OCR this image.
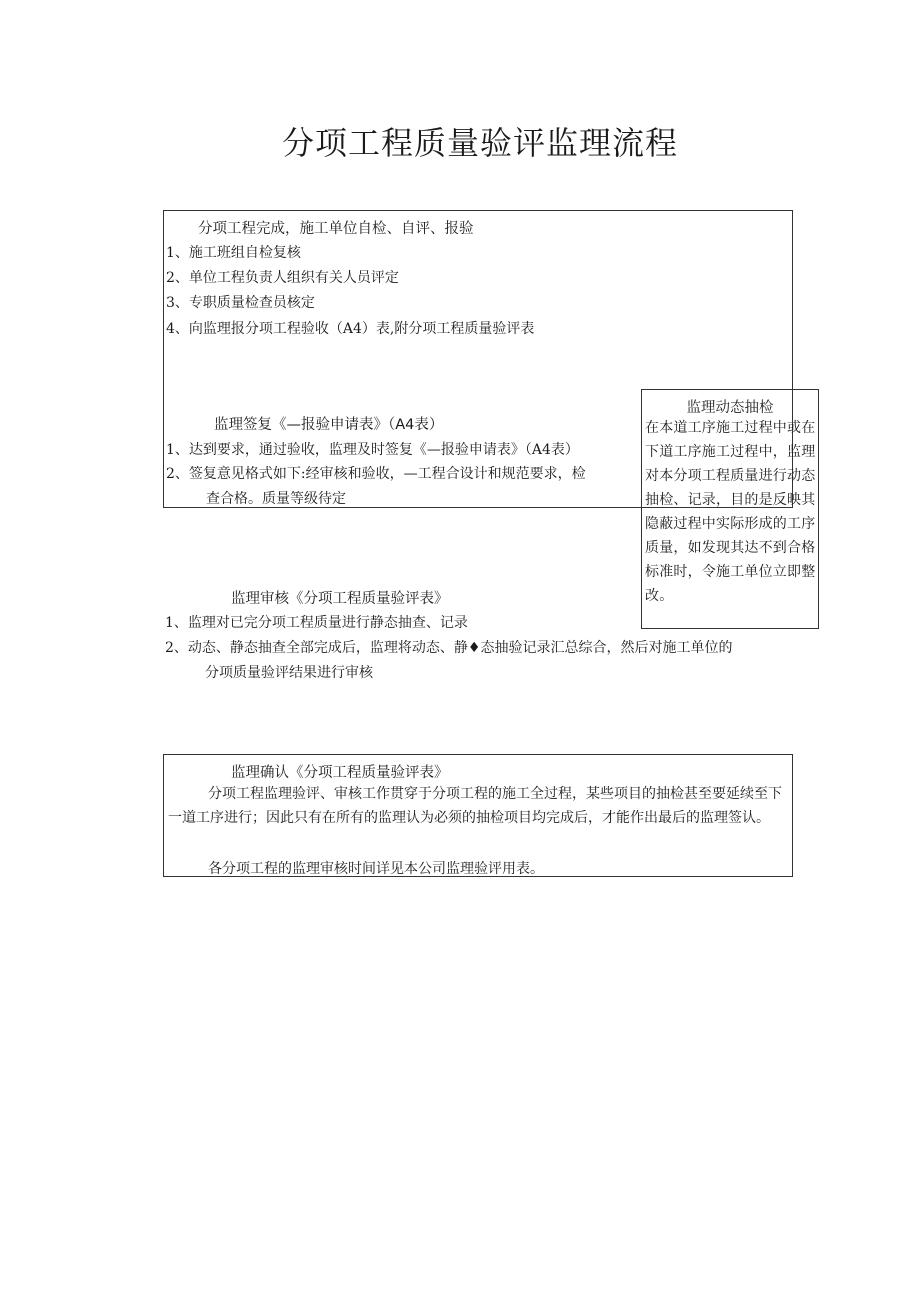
分项工程质量验评监理流程
分项工程完成，施工单位自检、自评、报验
1、施工班组自检复核
2、单位工程负责人组织有关人员评定
3、专职质量检查员核定
4、向监理报分项工程验收（A4）表,附分项工程质量验评表
监理签复《—报验申请表》（A4表）
1、达到要求，通过验收，监理及时签复《—报验申请表》（A4表）
2、签复意见格式如下:经审核和验收，—工程合设计和规范要求，检
查合格。质量等级待定
监理动态抽检
在本道工序施工过程中或在下道工序施工过程中，监理对本分项工程质量进行动态抽检、记录，目的是反映其隐蔽过程中实际形成的工序质量，如发现其达不到合格标准时，令施工单位立即整改。
监理审核《分项工程质量验评表》
1、监理对已完分项工程质量进行静态抽查、记录
2、动态、静态抽查全部完成后，监理将动态、静♦态抽验记录汇总综合，然后对施工单位的
分项质量验评结果进行审核
监理确认《分项工程质量验评表》
分项工程监理验评、审核工作贯穿于分项工程的施工全过程，某些项目的抽检甚至要延续至下一道工序进行；因此只有在所有的监理认为必须的抽检项目均完成后，才能作出最后的监理签认。
各分项工程的监理审核时间详见本公司监理验评用表。
